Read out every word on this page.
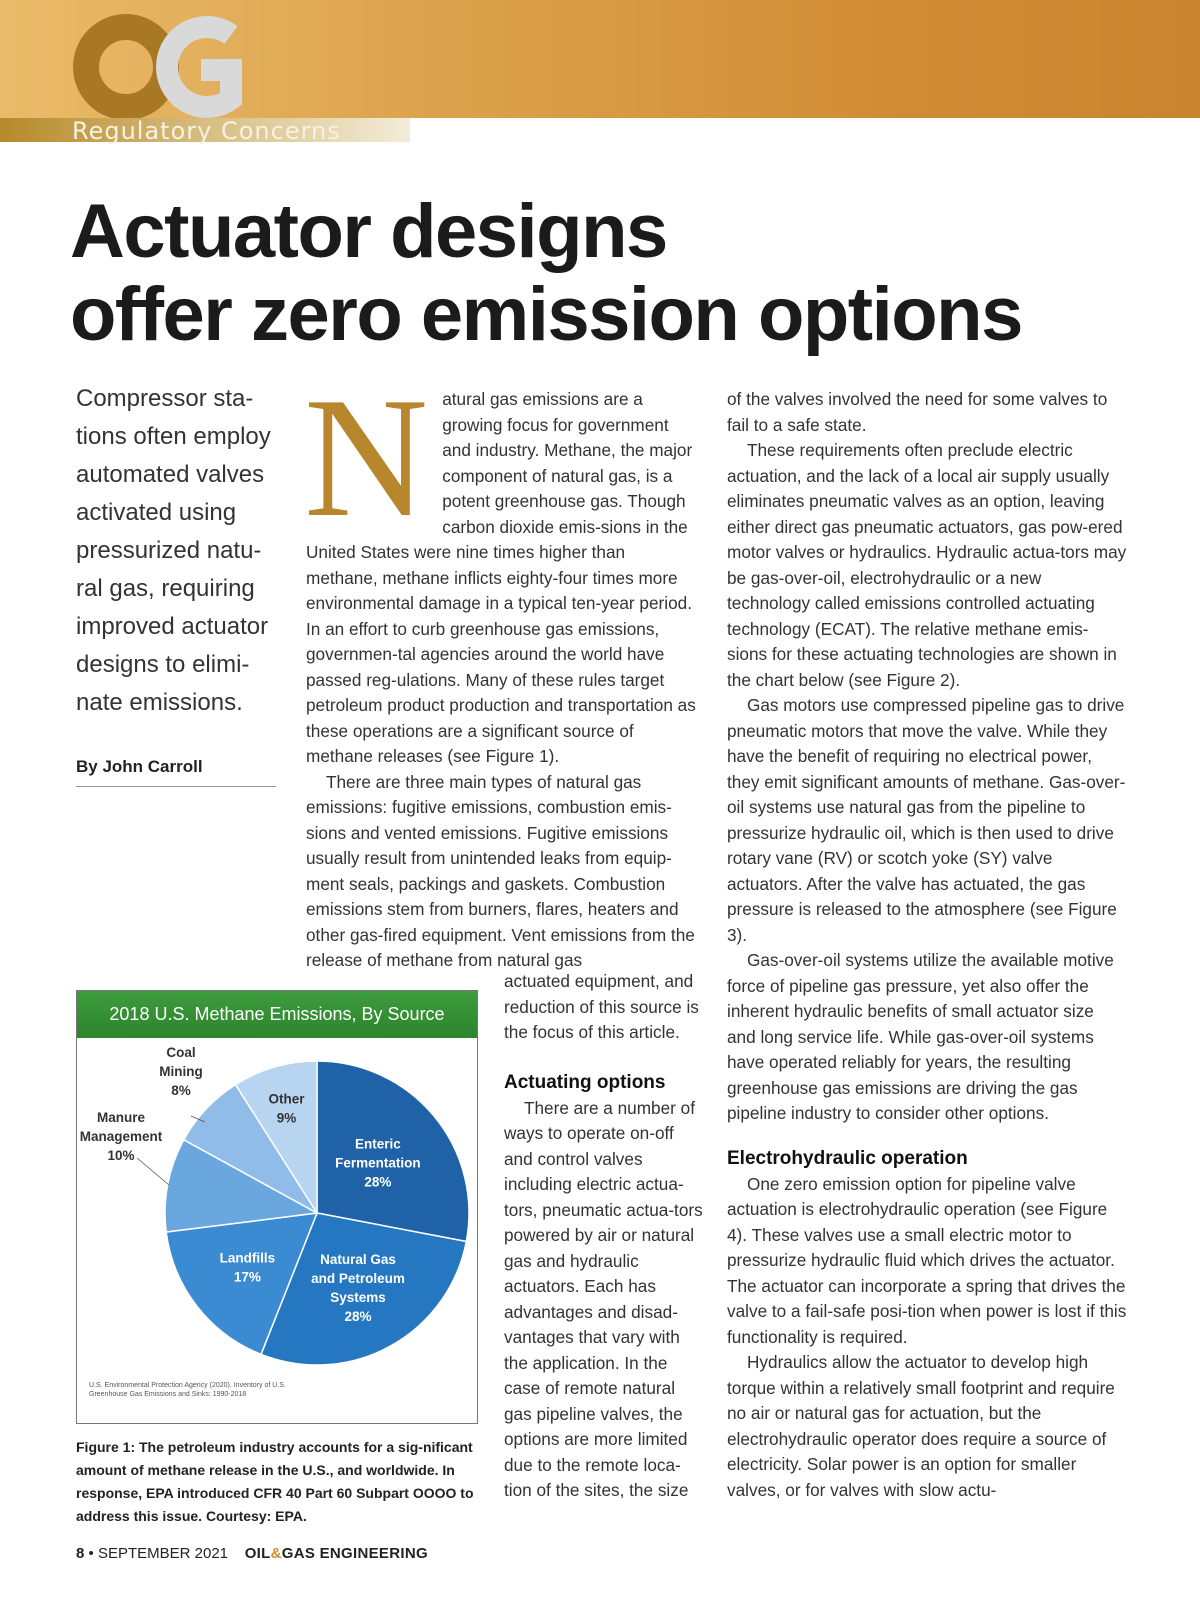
OG
Regulatory Concerns
Actuator designs
offer zero emission options

Compressor sta-tions often employ automated valves activated using pressurized natu-ral gas, requiring improved actuator designs to elimi-nate emissions.

By John Carroll
N atural gas emissions are a growing focus for government and industry. Methane, the major component of natural gas, is a potent greenhouse gas. Though carbon dioxide emis-sions in the United States were nine times higher than methane, methane inflicts eighty-four times more environmental damage in a typical ten-year period. In an effort to curb greenhouse gas emissions, governmen-tal agencies around the world have passed reg-ulations. Many of these rules target petroleum product production and transportation as these operations are a significant source of methane releases (see Figure 1).

There are three main types of natural gas emissions: fugitive emissions, combustion emis-sions and vented emissions. Fugitive emissions usually result from unintended leaks from equip-ment seals, packings and gaskets. Combustion emissions stem from burners, flares, heaters and other gas-fired equipment. Vent emissions from the release of methane from natural gas

actuated equipment, and reduction of this source is the focus of this article.

Actuating options

There are a number of ways to operate on-off and control valves including electric actua-tors, pneumatic actua-tors powered by air or natural gas and hydraulic actuators. Each has advantages and disad-vantages that vary with the application. In the case of remote natural gas pipeline valves, the options are more limited due to the remote loca-tion of the sites, the size

of the valves involved the need for some valves to fail to a safe state.

These requirements often preclude electric actuation, and the lack of a local air supply usually eliminates pneumatic valves as an option, leaving either direct gas pneumatic actuators, gas pow-ered motor valves or hydraulics. Hydraulic actua-tors may be gas-over-oil, electrohydraulic or a new technology called emissions controlled actuating technology (ECAT). The relative methane emis-sions for these actuating technologies are shown in the chart below (see Figure 2).

Gas motors use compressed pipeline gas to drive pneumatic motors that move the valve. While they have the benefit of requiring no electrical power, they emit significant amounts of methane. Gas-over-oil systems use natural gas from the pipeline to pressurize hydraulic oil, which is then used to drive rotary vane (RV) or scotch yoke (SY) valve actuators. After the valve has actuated, the gas pressure is released to the atmosphere (see Figure 3).

Gas-over-oil systems utilize the available motive force of pipeline gas pressure, yet also offer the inherent hydraulic benefits of small actuator size and long service life. While gas-over-oil systems have operated reliably for years, the resulting greenhouse gas emissions are driving the gas pipeline industry to consider other options.

Electrohydraulic operation

One zero emission option for pipeline valve actuation is electrohydraulic operation (see Figure 4). These valves use a small electric motor to pressurize hydraulic fluid which drives the actuator. The actuator can incorporate a spring that drives the valve to a fail-safe posi-tion when power is lost if this functionality is required.

Hydraulics allow the actuator to develop high torque within a relatively small footprint and require no air or natural gas for actuation, but the electrohydraulic operator does require a source of electricity. Solar power is an option for smaller valves, or for valves with slow actu-

2018 U.S. Methane Emissions, By Source
Enteric
Fermentation
28%
Natural Gas
and Petroleum
Systems
28%
Landfills
17%
Manure
Management
10%
Coal
Mining
8%
Other
9%
U.S. Environmental Protection Agency (2020). Inventory of U.S. Greenhouse Gas Emissions and Sinks: 1990-2018
Figure 1: The petroleum industry accounts for a sig-nificant amount of methane release in the U.S., and worldwide. In response, EPA introduced CFR 40 Part 60 Subpart OOOO to address this issue. Courtesy: EPA.
8 • SEPTEMBER 2021 OIL&GAS ENGINEERING
